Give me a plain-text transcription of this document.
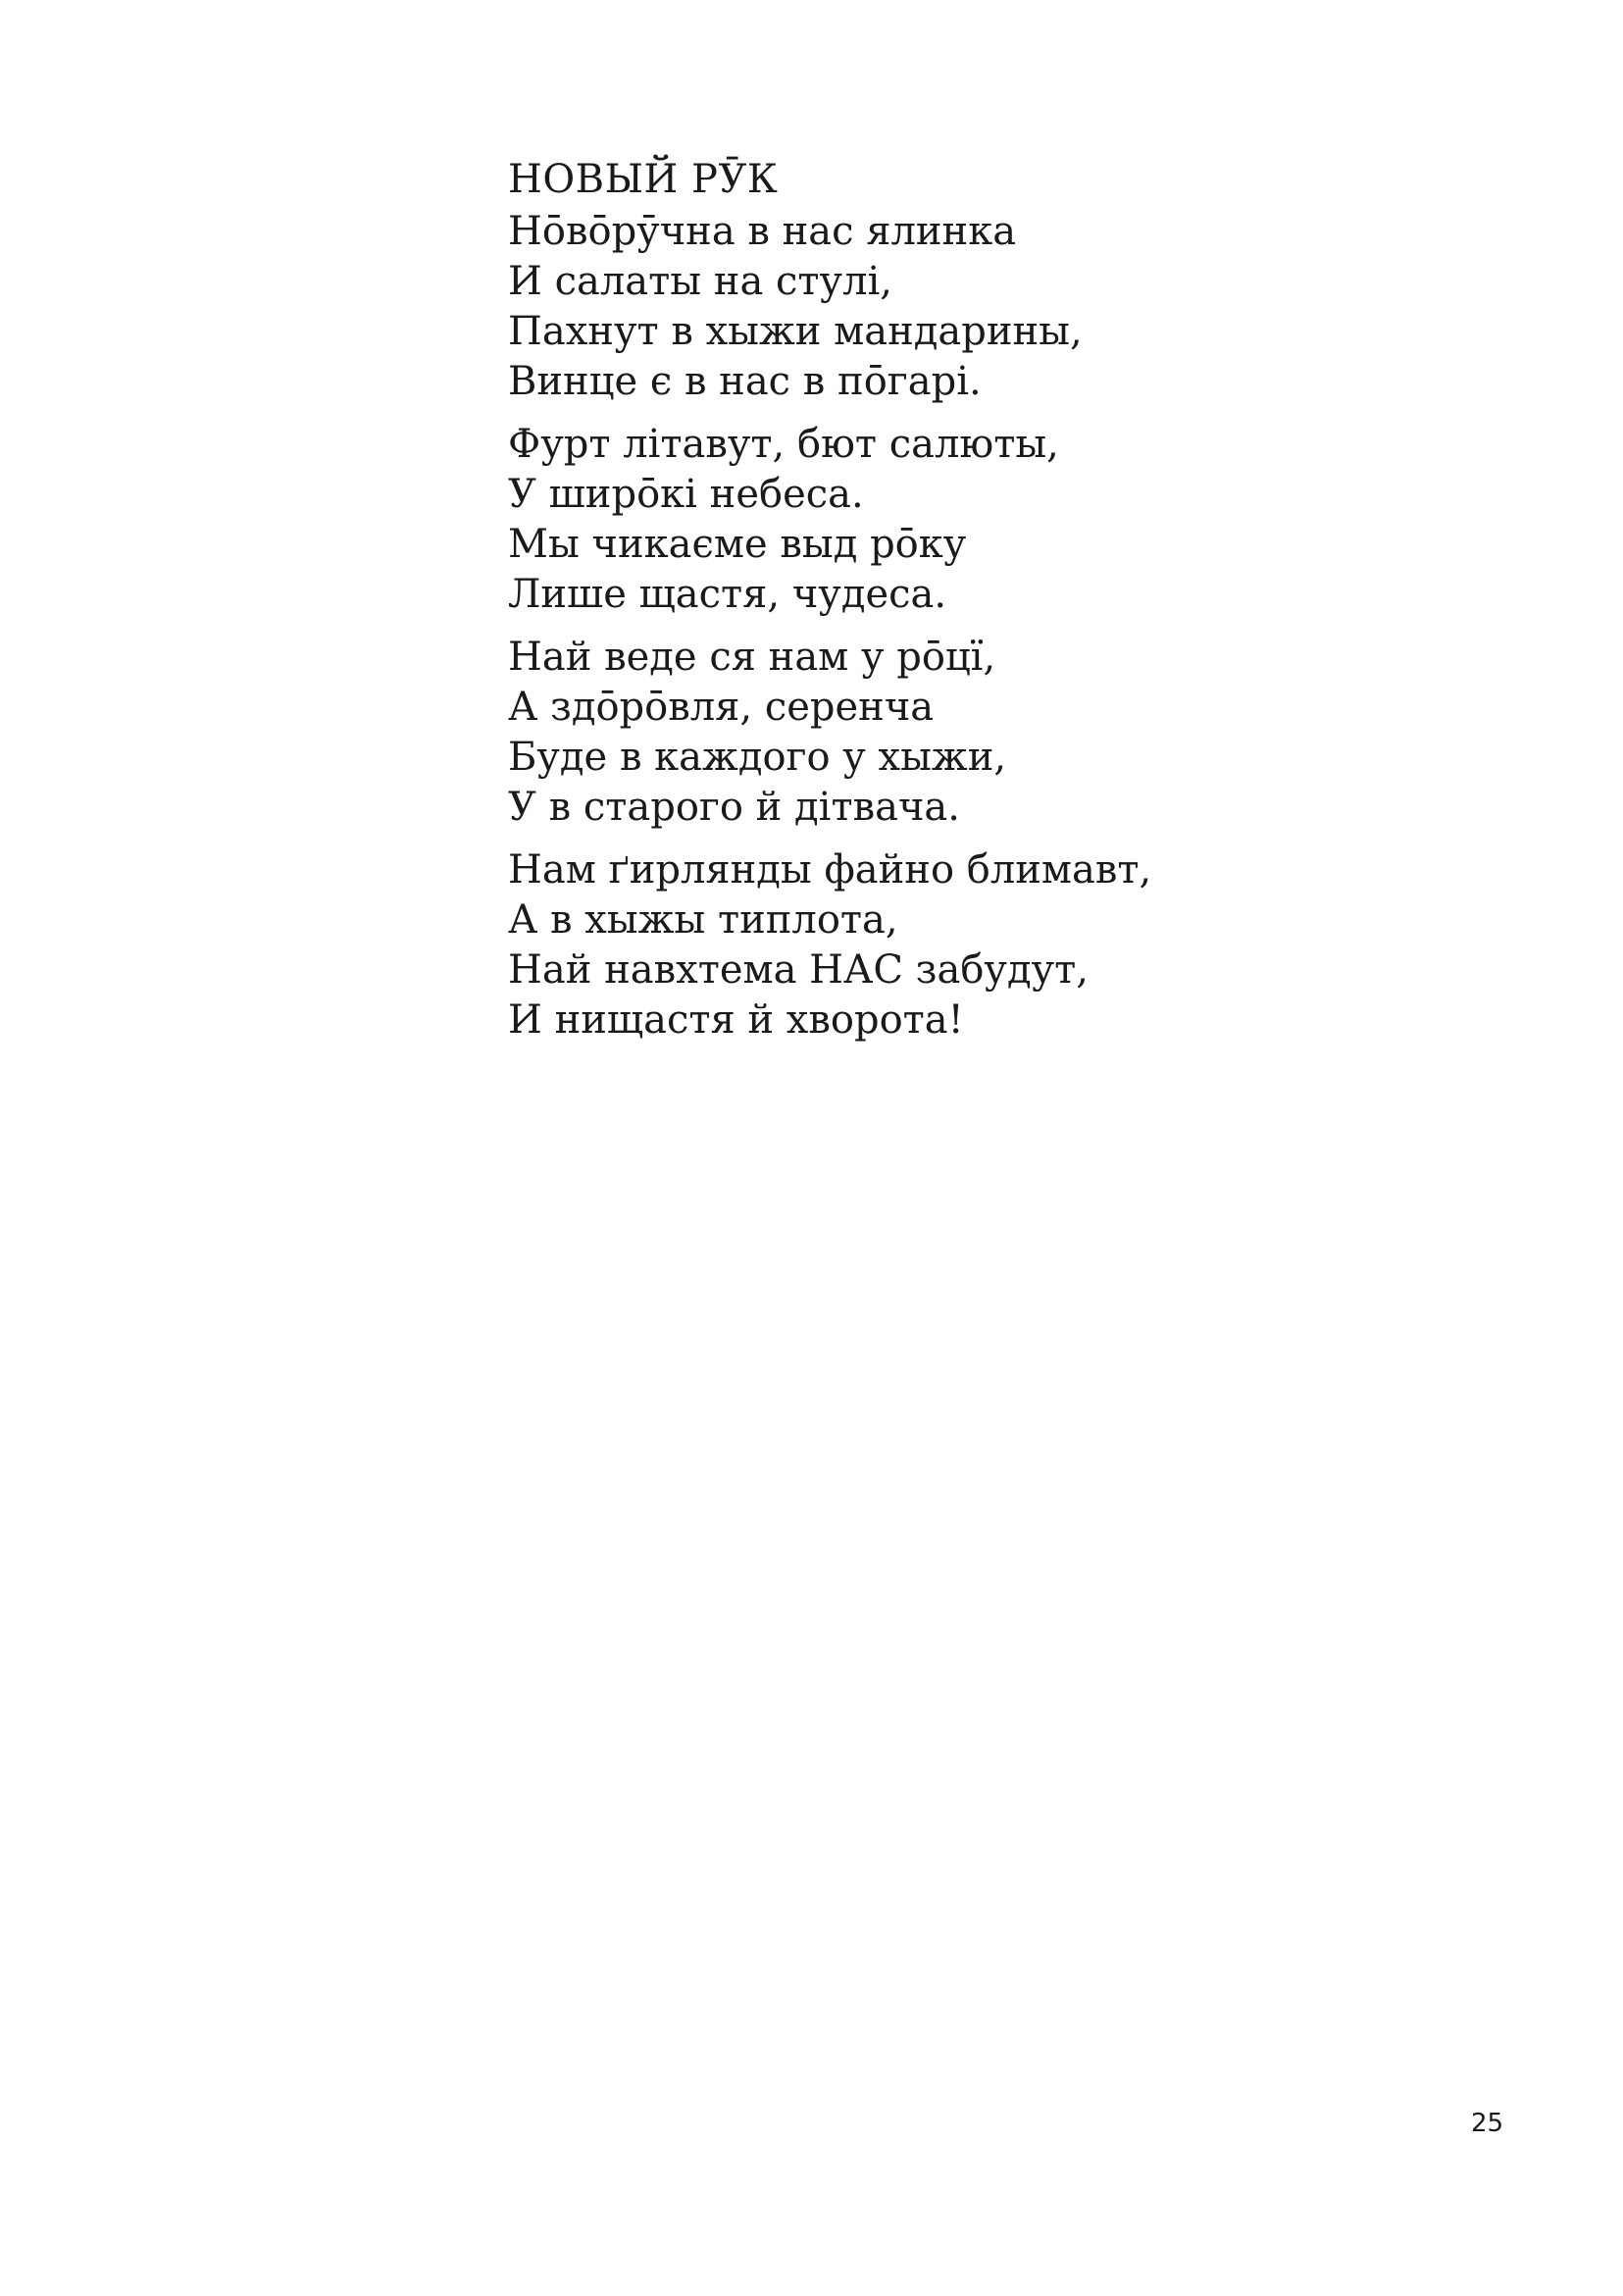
НОВЫЙ РӮК
Нōвōрӯчна в нас ялинка
И салаты на стулі,
Пахнут в хыжи мандарины,
Винце є в нас в пōгарі.
Фурт літавут, бют салюты,
У ширōкі небеса.
Мы чикаєме выд рōку
Лише щастя, чудеса.
Най веде ся нам у рōцї,
А здōрōвля, серенча
Буде в каждого у хыжи,
У в старого й дітвача.
Нам ґирлянды файно блимавт,
А в хыжы типлота,
Най навхтема НАС забудут,
И нищастя й хворота!
25
